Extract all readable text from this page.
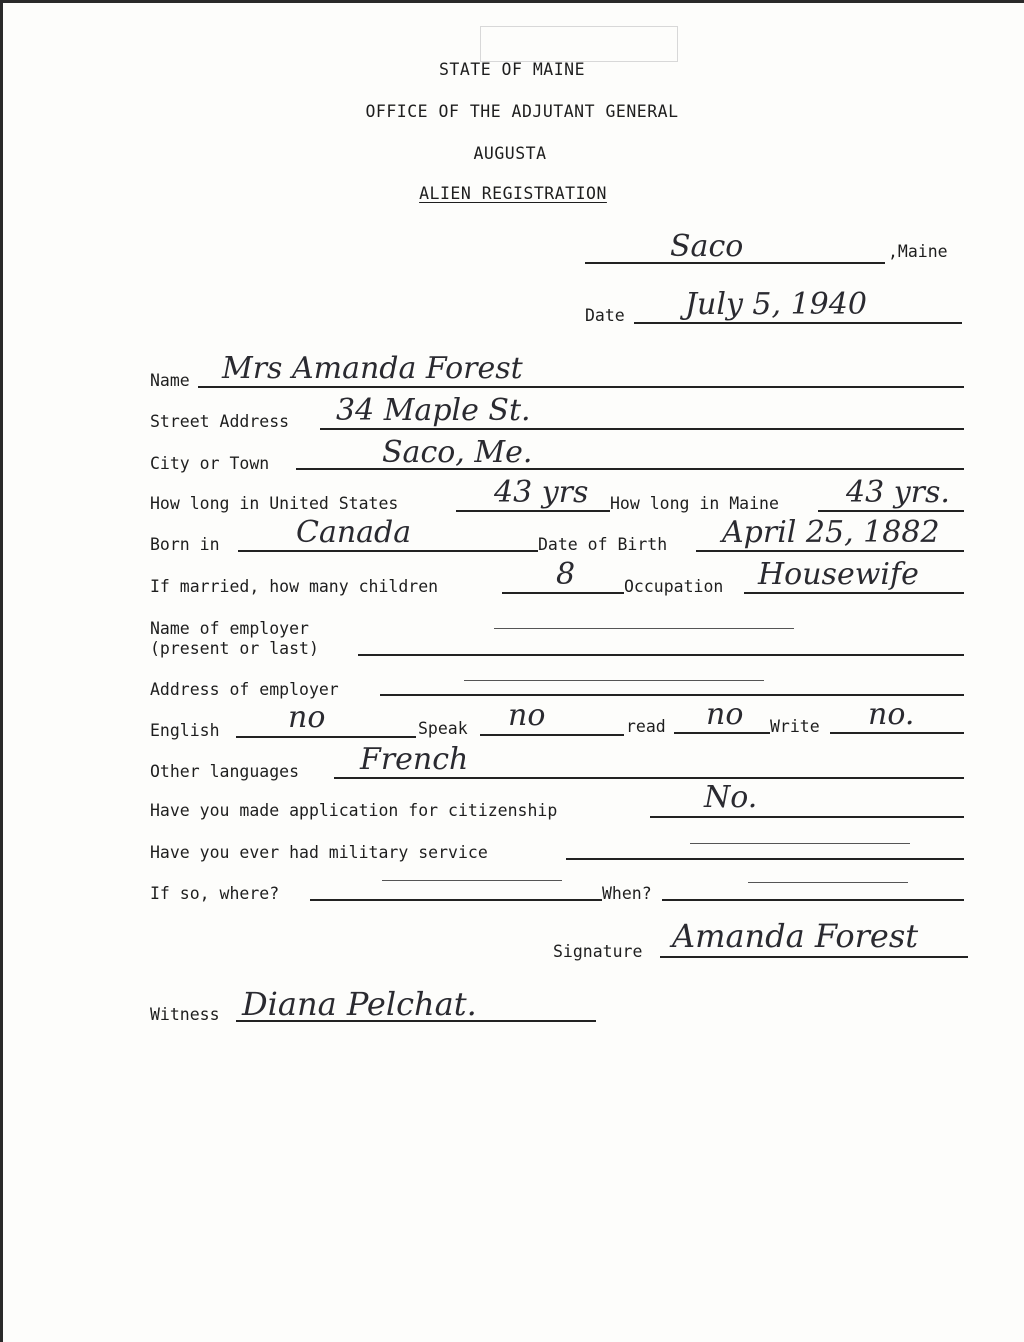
STATE OF MAINE
OFFICE OF THE ADJUTANT GENERAL
AUGUSTA
ALIEN REGISTRATION
Saco	,Maine
Date July 5, 1940
Name Mrs Amanda Forest
Street Address 34 Maple St.
City or Town	Saco, Me.
How long in United States	43 yrs How long in Maine 43 yrs.
Born in	Canada	Date of Birth April 25, 1882
If married, how many children	8	Occupation Housewife
Name of employer
(present or last)
Address of employer
English no	Speak no	read no Write no.
Other languages French
Have you made application for citizenship	No.
Have you ever had military service
If so, where?	When?
Signature Amanda Forest
Witness Diana Pelchat.
